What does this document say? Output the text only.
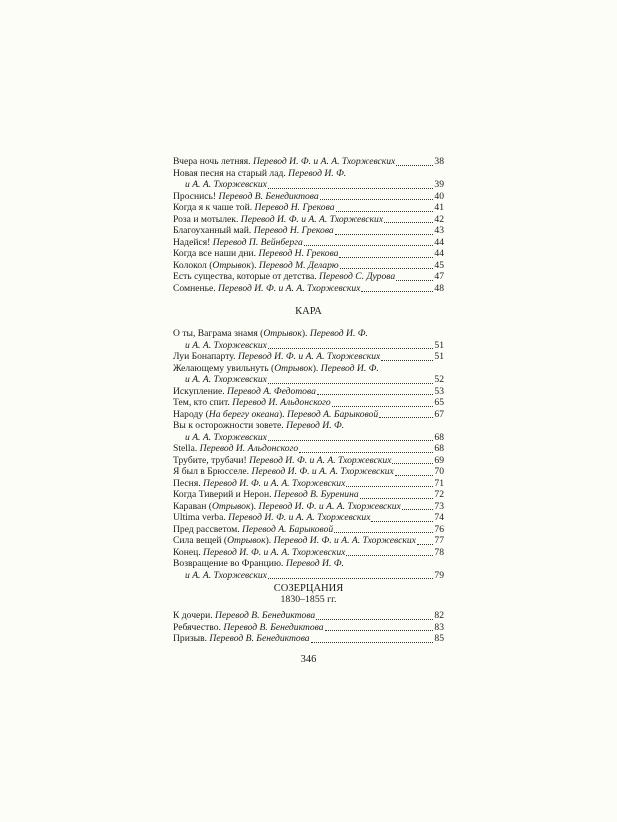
Вчера ночь летняя. Перевод И. Ф. и А. А. Тхоржевских	38
Новая песня на старый лад. Перевод И. Ф.
и А. А. Тхоржевских	39
Проснись! Перевод В. Бенедиктова	40
Когда я к чаше той. Перевод Н. Грекова	41
Роза и мотылек. Перевод И. Ф. и А. А. Тхоржевских	42
Благоуханный май. Перевод Н. Грекова	43
Надейся! Перевод П. Вейнберга	44
Когда все наши дни. Перевод Н. Грекова	44
Колокол (Отрывок). Перевод М. Деларю	45
Есть существа, которые от детства. Перевод С. Дурова	47
Сомненье. Перевод И. Ф. и А. А. Тхоржевских	48
КАРА
О ты, Ваграма знамя (Отрывок). Перевод И. Ф.
и А. А. Тхоржевских	51
Луи Бонапарту. Перевод И. Ф. и А. А. Тхоржевских	51
Желающему увильнуть (Отрывок). Перевод И. Ф.
и А. А. Тхоржевских	52
Искупление. Перевод А. Федотова	53
Тем, кто спит. Перевод И. Альдонского	65
Народу (На берегу океана). Перевод А. Барыковой	67
Вы к осторожности зовете. Перевод И. Ф.
и А. А. Тхоржевских	68
Stella. Перевод И. Альдонского	68
Трубите, трубачи! Перевод И. Ф. и А. А. Тхоржевских	69
Я был в Брюсселе. Перевод И. Ф. и А. А. Тхоржевских	70
Песня. Перевод И. Ф. и А. А. Тхоржевских	71
Когда Тиверий и Нерон. Перевод В. Буренина	72
Караван (Отрывок). Перевод И. Ф. и А. А. Тхоржевских	73
Ultima verba. Перевод И. Ф. и А. А. Тхоржевских	74
Пред рассветом. Перевод А. Барыковой	76
Сила вещей (Отрывок). Перевод И. Ф. и А. А. Тхоржевских 77
Конец. Перевод И. Ф. и А. А. Тхоржевских	78
Возвращение во Францию. Перевод И. Ф.
и А. А. Тхоржевских	79
СОЗЕРЦАНИЯ
1830–1855 гг.
К дочери. Перевод В. Бенедиктова	82
Ребячество. Перевод В. Бенедиктова	83
Призыв. Перевод В. Бенедиктова	85
346
